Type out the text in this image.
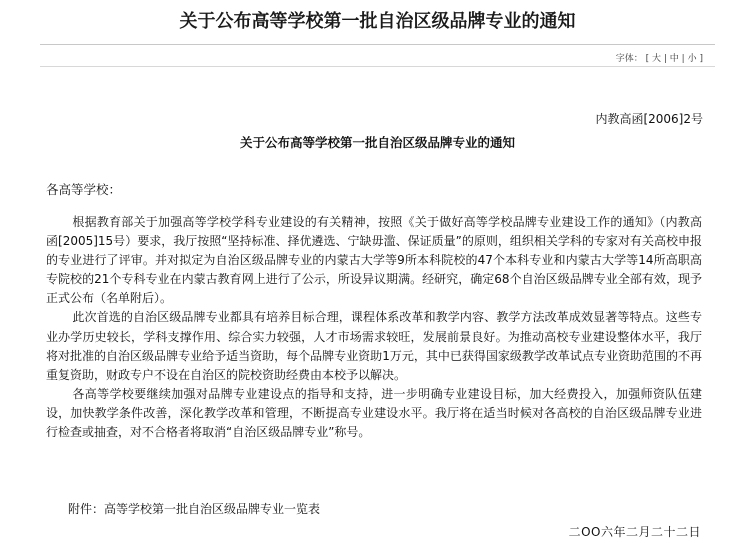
关于公布高等学校第一批自治区级品牌专业的通知
字体： [ 大 | 中 | 小 ]
内教高函[2006]2号
关于公布高等学校第一批自治区级品牌专业的通知
各高等学校：

根据教育部关于加强高等学校学科专业建设的有关精神，按照《关于做好高等学校品牌专业建设工作的通知》（内教高函[2005]15号）要求，我厅按照“坚持标准、择优遴选、宁缺毋滥、保证质量”的原则，组织相关学科的专家对有关高校申报的专业进行了评审。并对拟定为自治区级品牌专业的内蒙古大学等9所本科院校的47个本科专业和内蒙古大学等14所高职高专院校的21个专科专业在内蒙古教育网上进行了公示，所设异议期满。经研究，确定68个自治区级品牌专业全部有效，现予正式公布（名单附后）。

此次首选的自治区级品牌专业都具有培养目标合理，课程体系改革和教学内容、教学方法改革成效显著等特点。这些专业办学历史较长，学科支撑作用、综合实力较强，人才市场需求较旺，发展前景良好。为推动高校专业建设整体水平，我厅将对批准的自治区级品牌专业给予适当资助，每个品牌专业资助1万元，其中已获得国家级教学改革试点专业资助范围的不再重复资助，财政专户不设在自治区的院校资助经费由本校予以解决。

各高等学校要继续加强对品牌专业建设点的指导和支持，进一步明确专业建设目标，加大经费投入，加强师资队伍建设，加快教学条件改善，深化教学改革和管理，不断提高专业建设水平。我厅将在适当时候对各高校的自治区级品牌专业进行检查或抽查，对不合格者将取消“自治区级品牌专业”称号。

附件：高等学校第一批自治区级品牌专业一览表
二OO六年二月二十二日
